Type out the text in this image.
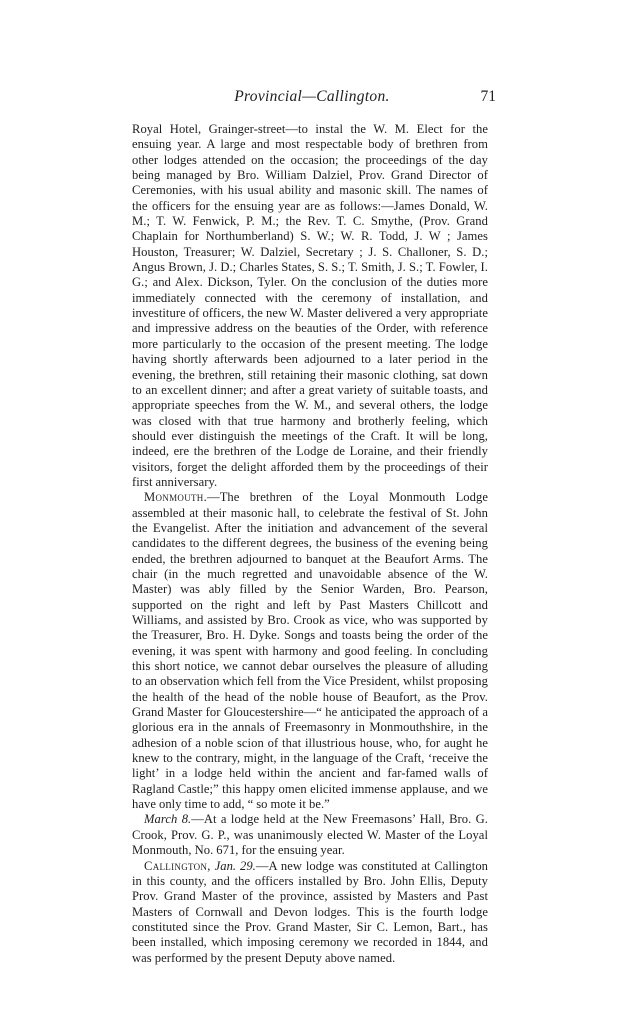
Provincial—Callington.	71

Royal Hotel, Grainger-street—to instal the W. M. Elect for the ensuing year. A large and most respectable body of brethren from other lodges attended on the occasion; the proceedings of the day being managed by Bro. William Dalziel, Prov. Grand Director of Ceremonies, with his usual ability and masonic skill. The names of the officers for the ensuing year are as follows:—James Donald, W. M.; T. W. Fenwick, P. M.; the Rev. T. C. Smythe, (Prov. Grand Chaplain for Northumberland) S. W.; W. R. Todd, J. W ; James Houston, Treasurer; W. Dalziel, Secretary ; J. S. Challoner, S. D.; Angus Brown, J. D.; Charles States, S. S.; T. Smith, J. S.; T. Fowler, I. G.; and Alex. Dickson, Tyler. On the conclusion of the duties more immediately connected with the ceremony of installation, and investiture of officers, the new W. Master delivered a very appropriate and impressive address on the beauties of the Order, with reference more particularly to the occasion of the present meeting. The lodge having shortly afterwards been adjourned to a later period in the evening, the brethren, still retaining their masonic clothing, sat down to an excellent dinner; and after a great variety of suitable toasts, and appropriate speeches from the W. M., and several others, the lodge was closed with that true harmony and brotherly feeling, which should ever distinguish the meetings of the Craft. It will be long, indeed, ere the brethren of the Lodge de Loraine, and their friendly visitors, forget the delight afforded them by the proceedings of their first anniversary.

Monmouth.—The brethren of the Loyal Monmouth Lodge assembled at their masonic hall, to celebrate the festival of St. John the Evangelist. After the initiation and advancement of the several candidates to the different degrees, the business of the evening being ended, the brethren adjourned to banquet at the Beaufort Arms. The chair (in the much regretted and unavoidable absence of the W. Master) was ably filled by the Senior Warden, Bro. Pearson, supported on the right and left by Past Masters Chillcott and Williams, and assisted by Bro. Crook as vice, who was supported by the Treasurer, Bro. H. Dyke. Songs and toasts being the order of the evening, it was spent with harmony and good feeling. In concluding this short notice, we cannot debar ourselves the pleasure of alluding to an observation which fell from the Vice President, whilst proposing the health of the head of the noble house of Beaufort, as the Prov. Grand Master for Gloucestershire—“ he anticipated the approach of a glorious era in the annals of Freemasonry in Monmouthshire, in the adhesion of a noble scion of that illustrious house, who, for aught he knew to the contrary, might, in the language of the Craft, ‘receive the light’ in a lodge held within the ancient and far-famed walls of Ragland Castle;” this happy omen elicited immense applause, and we have only time to add, “ so mote it be.”

March 8.—At a lodge held at the New Freemasons’ Hall, Bro. G. Crook, Prov. G. P., was unanimously elected W. Master of the Loyal Monmouth, No. 671, for the ensuing year.

Callington, Jan. 29.—A new lodge was constituted at Callington in this county, and the officers installed by Bro. John Ellis, Deputy Prov. Grand Master of the province, assisted by Masters and Past Masters of Cornwall and Devon lodges. This is the fourth lodge constituted since the Prov. Grand Master, Sir C. Lemon, Bart., has been installed, which imposing ceremony we recorded in 1844, and was performed by the present Deputy above named.
